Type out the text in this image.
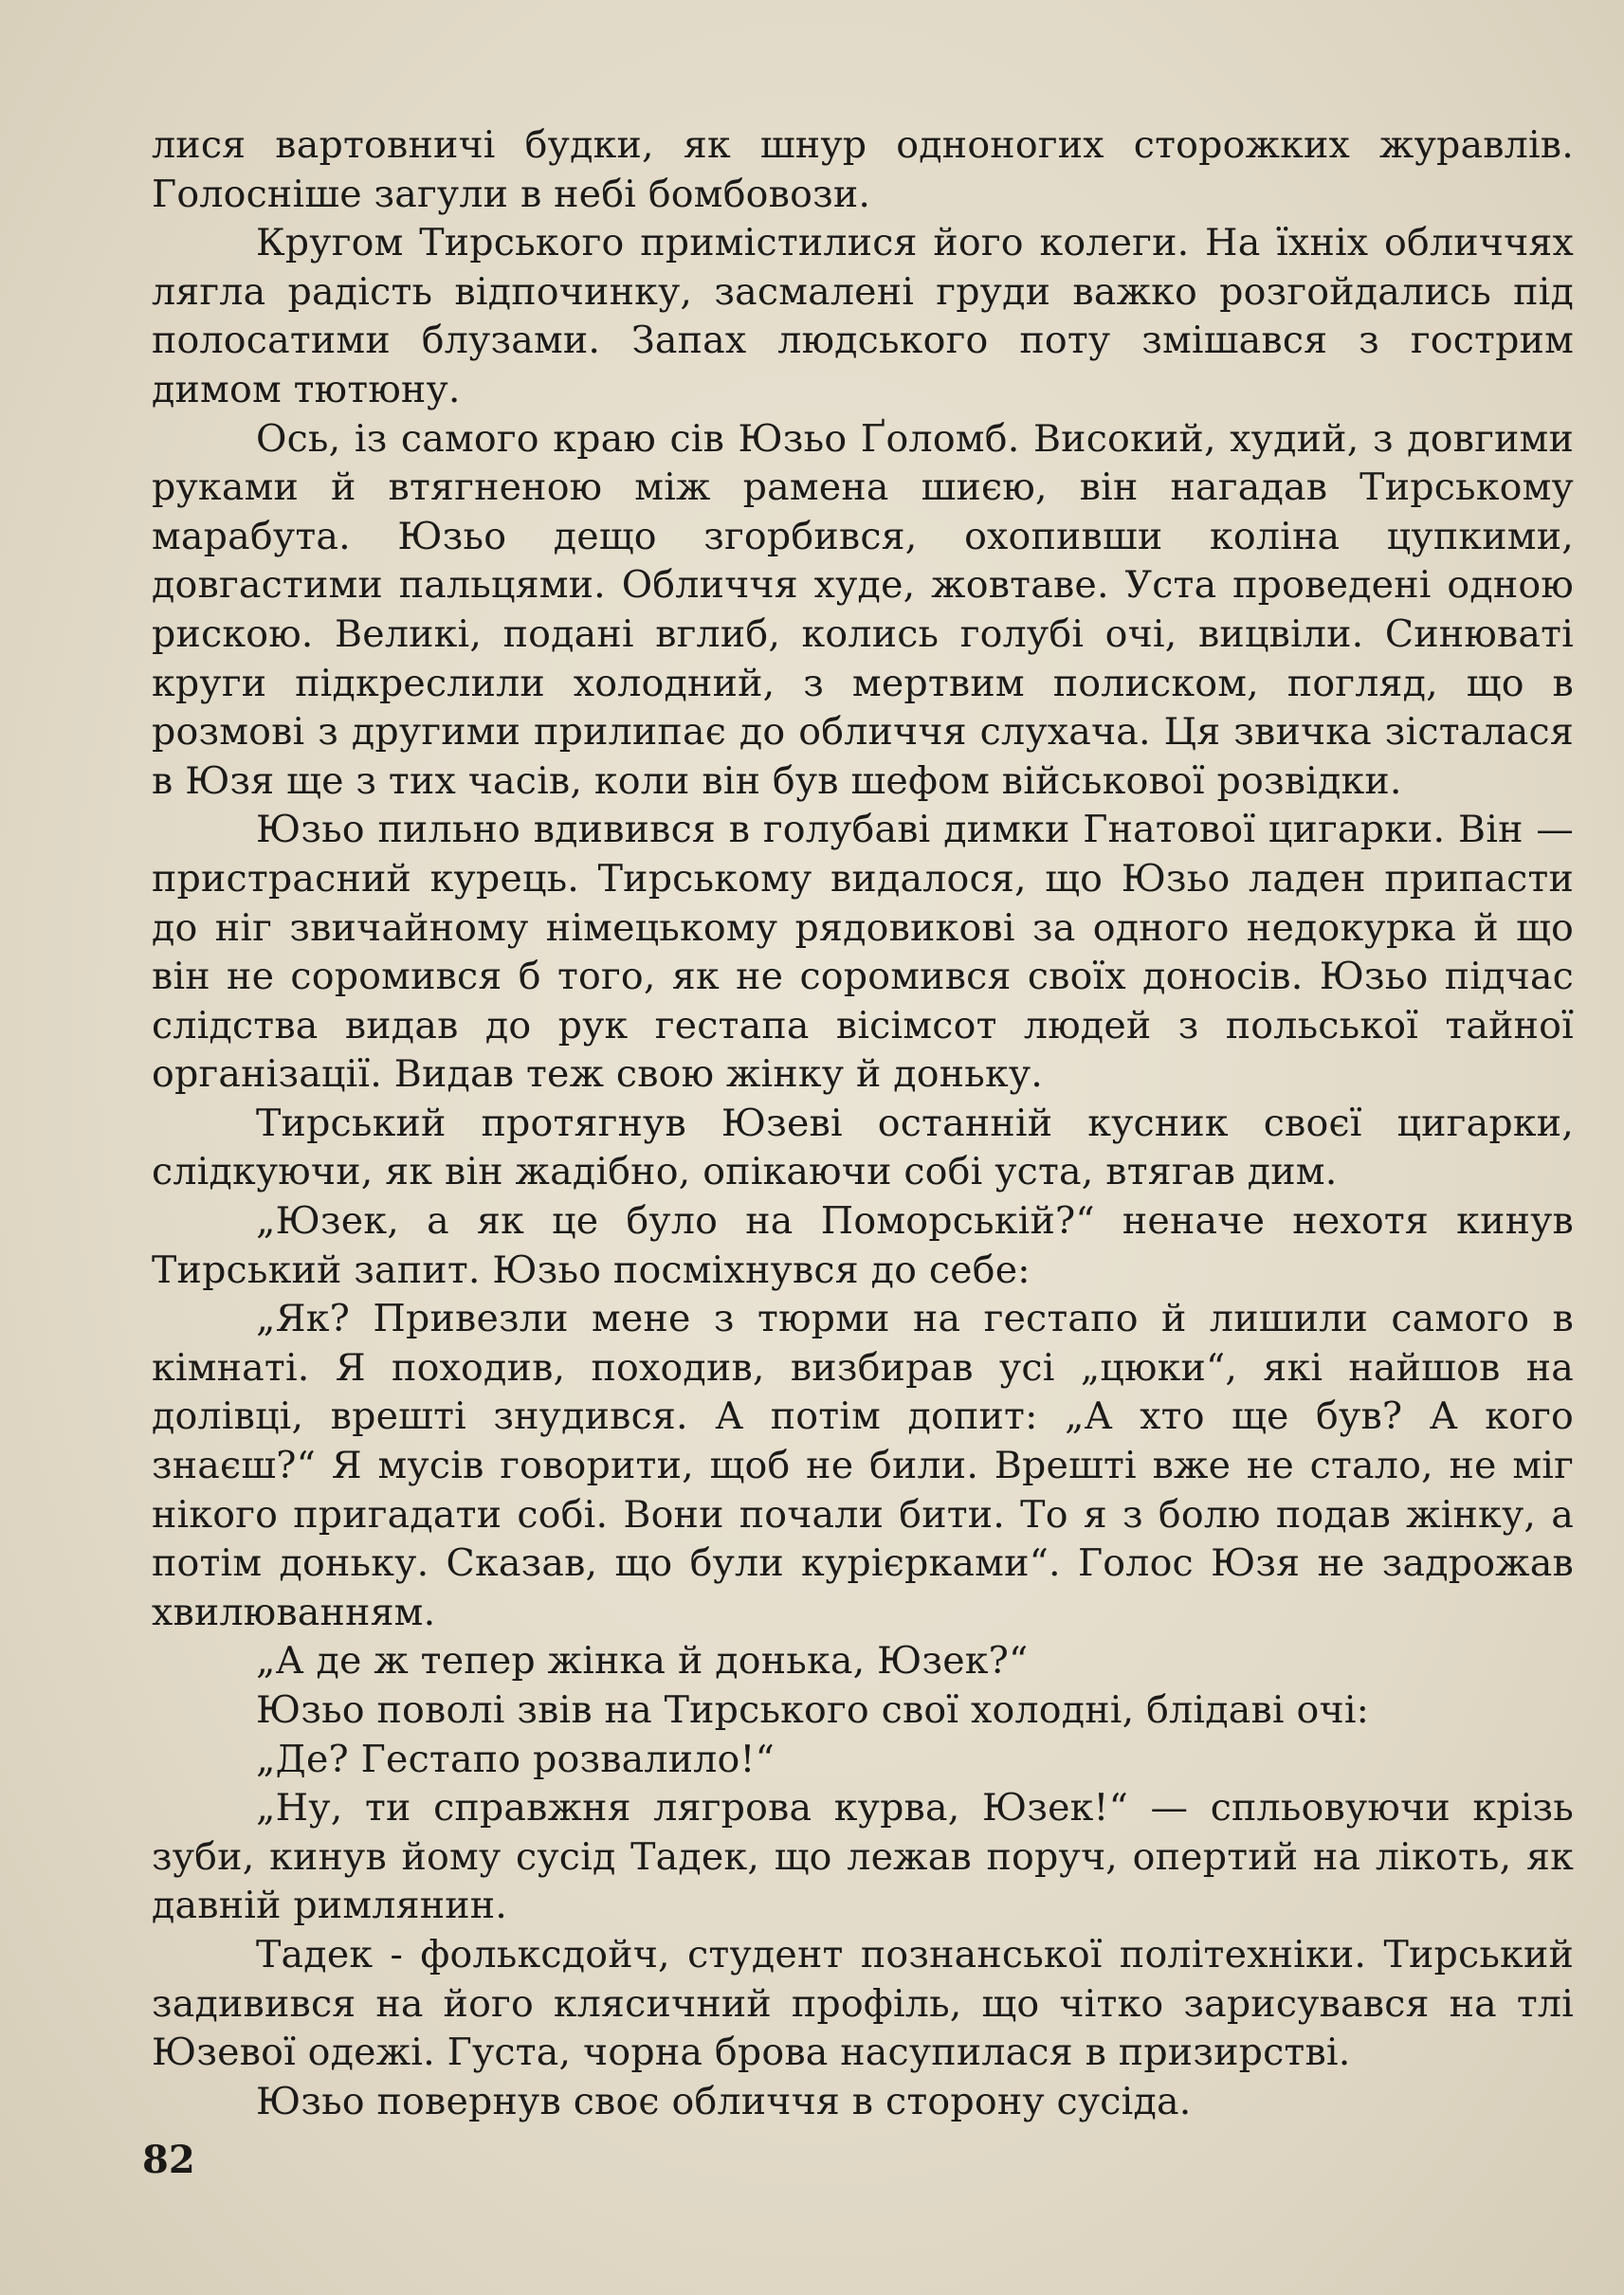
лися вартовничі будки, як шнур одноногих сторожких журавлів. Голосніше загули в небі бомбовози.

Кругом Тирського примістилися його колеги. На їхніх обличчях лягла радість відпочинку, засмалені груди важко розгойдались під полосатими блузами. Запах людського поту змішався з гострим димом тютюну.

Ось, із самого краю сів Юзьо Ґоломб. Високий, худий, з довгими руками й втягненою між рамена шиєю, він нагадав Тирському марабута. Юзьо дещо згорбився, охопивши коліна цупкими, довгастими пальцями. Обличчя худе, жовтаве. Уста проведені одною рискою. Великі, подані вглиб, колись голубі очі, вицвіли. Синюваті круги підкреслили холодний, з мертвим полиском, погляд, що в розмові з другими прилипає до обличчя слухача. Ця звичка зісталася в Юзя ще з тих часів, коли він був шефом військової розвідки.

Юзьо пильно вдивився в голубаві димки Гнатової цигарки. Він — пристрасний курець. Тирському видалося, що Юзьо ладен припасти до ніг звичайному німецькому рядовикові за одного недокурка й що він не соромився б того, як не соромився своїх доносів. Юзьо підчас слідства видав до рук гестапа вісімсот людей з польської тайної організації. Видав теж свою жінку й доньку.

Тирський протягнув Юзеві останній кусник своєї цигарки, слідкуючи, як він жадібно, опікаючи собі уста, втягав дим.

„Юзек, а як це було на Поморській?“ неначе нехотя кинув Тирський запит. Юзьо посміхнувся до себе:

„Як? Привезли мене з тюрми на гестапо й лишили самого в кімнаті. Я походив, походив, визбирав усі „цюки“, які найшов на долівці, врешті знудився. А потім допит: „А хто ще був? А кого знаєш?“ Я мусів говорити, щоб не били. Врешті вже не стало, не міг нікого пригадати собі. Вони почали бити. То я з болю подав жінку, а потім доньку. Сказав, що були курієрками“. Голос Юзя не задрожав хвилюванням.

„А де ж тепер жінка й донька, Юзек?“

Юзьо поволі звів на Тирського свої холодні, блідаві очі:

„Де? Гестапо розвалило!“

„Ну, ти справжня лягрова курва, Юзек!“ — спльовуючи крізь зуби, кинув йому сусід Тадек, що лежав поруч, опертий на лікоть, як давній римлянин.

Тадек - фольксдойч, студент познанської політехніки. Тирський задивився на його клясичний профіль, що чітко зарисувався на тлі Юзевої одежі. Густа, чорна брова насупилася в призирстві.

Юзьо повернув своє обличчя в сторону сусіда.

82
